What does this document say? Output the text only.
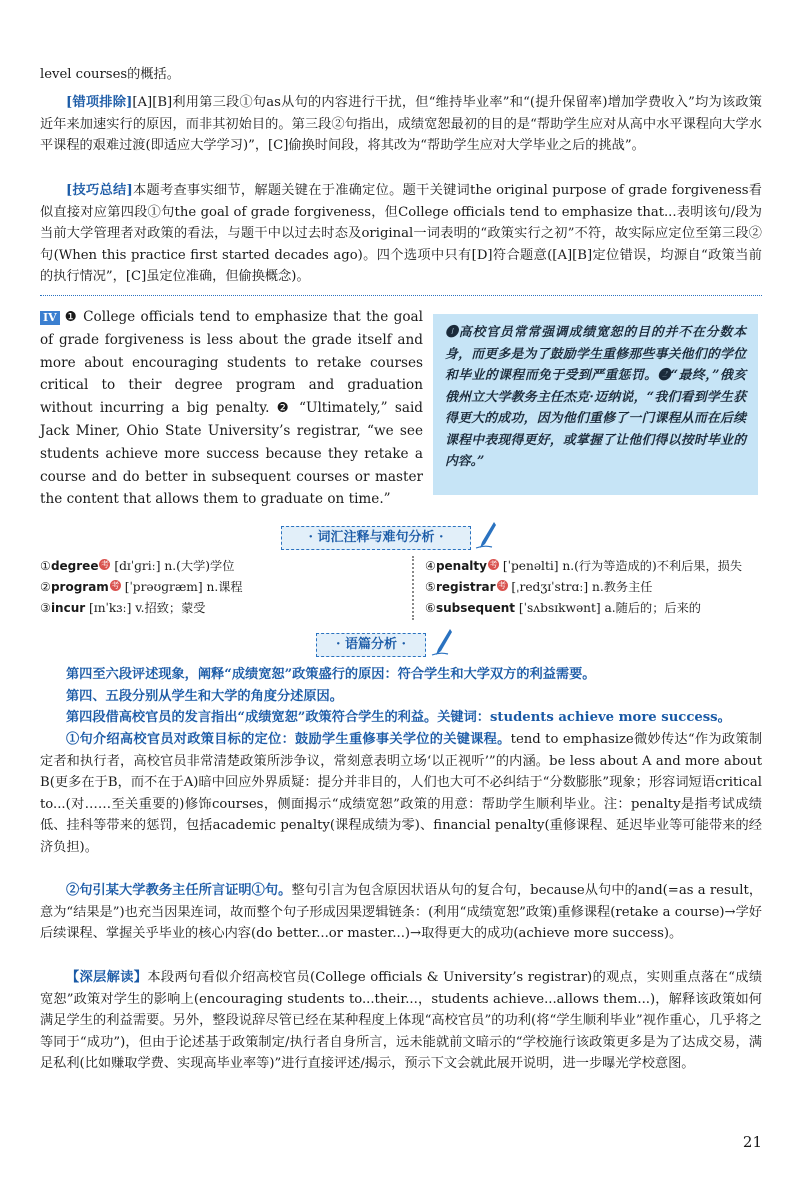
level courses的概括。

[错项排除][A][B]利用第三段①句as从句的内容进行干扰，但“维持毕业率”和“(提升保留率)增加学费收入”均为该政策近年来加速实行的原因，而非其初始目的。第三段②句指出，成绩宽恕最初的目的是“帮助学生应对从高中水平课程向大学水平课程的艰难过渡(即适应大学学习)”，[C]偷换时间段，将其改为“帮助学生应对大学毕业之后的挑战”。

[技巧总结]本题考查事实细节，解题关键在于准确定位。题干关键词the original purpose of grade forgiveness看似直接对应第四段①句the goal of grade forgiveness，但College officials tend to emphasize that...表明该句/段为当前大学管理者对政策的看法，与题干中以过去时态及original一词表明的“政策实行之初”不符，故实际应定位至第三段②句(When this practice first started decades ago)。四个选项中只有[D]符合题意([A][B]定位错误，均源自“政策当前的执行情况”，[C]虽定位准确，但偷换概念)。

IV ❶ College officials tend to emphasize that the goal of grade forgiveness is less about the grade itself and more about encouraging students to retake courses critical to their degree program and graduation without incurring a big penalty. ❷ “Ultimately,” said Jack Miner, Ohio State University’s registrar, “we see students achieve more success because they retake a course and do better in subsequent courses or master the content that allows them to graduate on time.”

❶高校官员常常强调成绩宽恕的目的并不在分数本身，而更多是为了鼓励学生重修那些事关他们的学位和毕业的课程而免于受到严重惩罚。❷“最终，”俄亥俄州立大学教务主任杰克·迈纳说，“我们看到学生获得更大的成功，因为他们重修了一门课程从而在后续课程中表现得更好，或掌握了让他们得以按时毕业的内容。”
· 词汇注释与难句分析 ·
①degree 考 [dɪˈɡriː] n.(大学)学位
②program 考 [ˈprəʊɡræm] n.课程
③incur [ɪnˈkɜː] v.招致；蒙受
④penalty 考 [ˈpenəlti] n.(行为等造成的)不利后果，损失
⑤registrar 考 [ˌredʒɪˈstrɑː] n.教务主任
⑥subsequent [ˈsʌbsɪkwənt] a.随后的；后来的
· 语篇分析 ·
第四至六段评述现象，阐释“成绩宽恕”政策盛行的原因：符合学生和大学双方的利益需要。
第四、五段分别从学生和大学的角度分述原因。
第四段借高校官员的发言指出“成绩宽恕”政策符合学生的利益。关键词：students achieve more success。

①句介绍高校官员对政策目标的定位：鼓励学生重修事关学位的关键课程。tend to emphasize微妙传达“作为政策制定者和执行者，高校官员非常清楚政策所涉争议，常刻意表明立场‘以正视听’”的内涵。be less about A and more about B(更多在于B，而不在于A)暗中回应外界质疑：提分并非目的，人们也大可不必纠结于“分数膨胀”现象；形容词短语critical to...(对……至关重要的)修饰courses，侧面揭示“成绩宽恕”政策的用意：帮助学生顺利毕业。注：penalty是指考试成绩低、挂科等带来的惩罚，包括academic penalty(课程成绩为零)、financial penalty(重修课程、延迟毕业等可能带来的经济负担)。

②句引某大学教务主任所言证明①句。整句引言为包含原因状语从句的复合句，because从句中的and(=as a result，意为“结果是”)也充当因果连词，故而整个句子形成因果逻辑链条：(利用“成绩宽恕”政策)重修课程(retake a course)→学好后续课程、掌握关乎毕业的核心内容(do better...or master...)→取得更大的成功(achieve more success)。

【深层解读】本段两句看似介绍高校官员(College officials & University’s registrar)的观点，实则重点落在“成绩宽恕”政策对学生的影响上(encouraging students to...their...，students achieve...allows them...)，解释该政策如何满足学生的利益需要。另外，整段说辞尽管已经在某种程度上体现“高校官员”的功利(将“学生顺利毕业”视作重心，几乎将之等同于“成功”)，但由于论述基于政策制定/执行者自身所言，远未能就前文暗示的“学校施行该政策更多是为了达成交易，满足私利(比如赚取学费、实现高毕业率等)”进行直接评述/揭示，预示下文会就此展开说明，进一步曝光学校意图。

21
